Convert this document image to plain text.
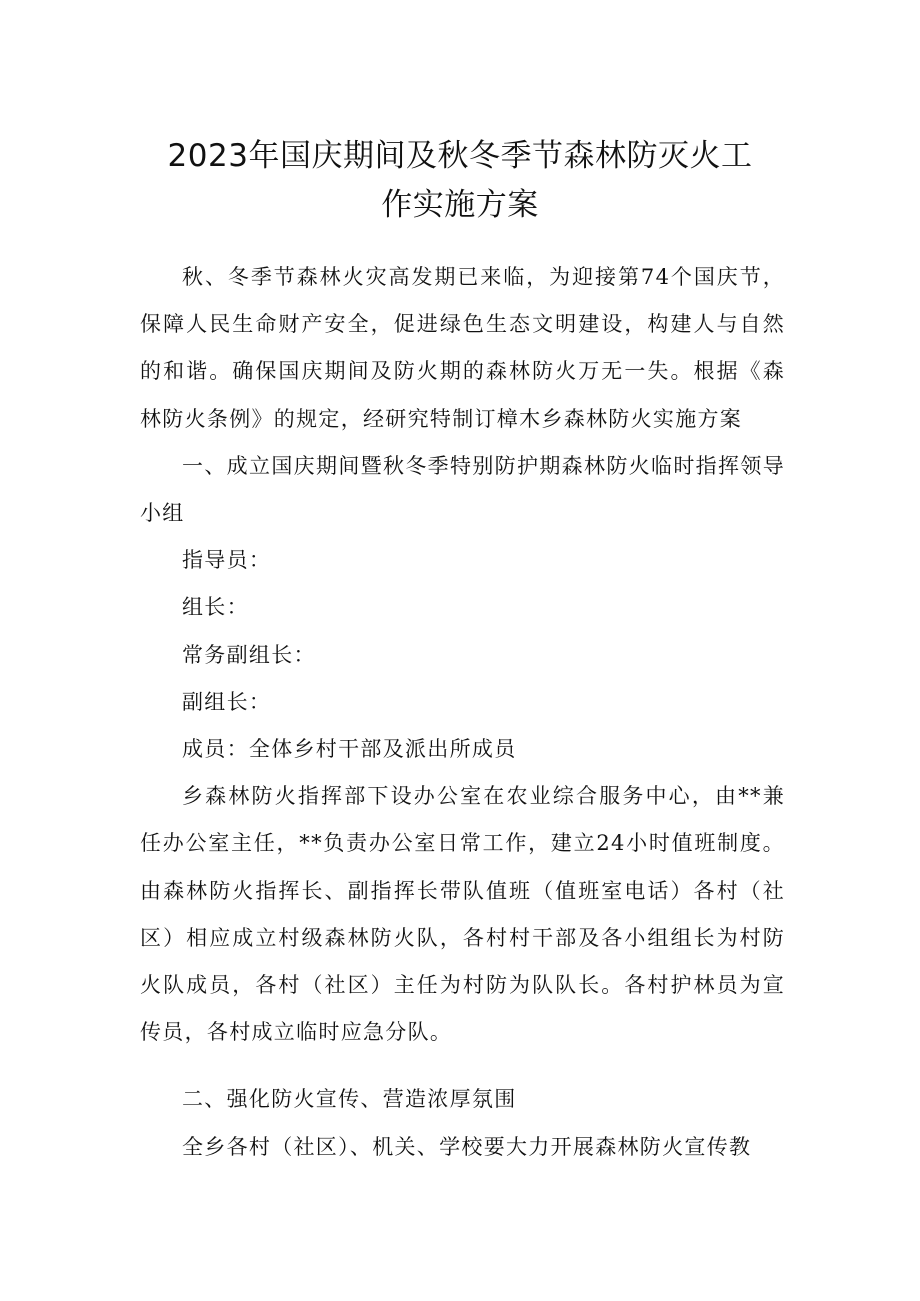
2023年国庆期间及秋冬季节森林防灭火工
作实施方案

秋、冬季节森林火灾高发期已来临，为迎接第74个国庆节，保障人民生命财产安全，促进绿色生态文明建设，构建人与自然的和谐。确保国庆期间及防火期的森林防火万无一失。根据《森林防火条例》的规定，经研究特制订樟木乡森林防火实施方案

一、成立国庆期间暨秋冬季特别防护期森林防火临时指挥领导小组

指导员：

组长：

常务副组长：

副组长：

成员：全体乡村干部及派出所成员

乡森林防火指挥部下设办公室在农业综合服务中心，由**兼任办公室主任，**负责办公室日常工作，建立24小时值班制度。由森林防火指挥长、副指挥长带队值班（值班室电话）各村（社区）相应成立村级森林防火队，各村村干部及各小组组长为村防火队成员，各村（社区）主任为村防为队队长。各村护林员为宣传员，各村成立临时应急分队。

二、强化防火宣传、营造浓厚氛围

全乡各村（社区）、机关、学校要大力开展森林防火宣传教
